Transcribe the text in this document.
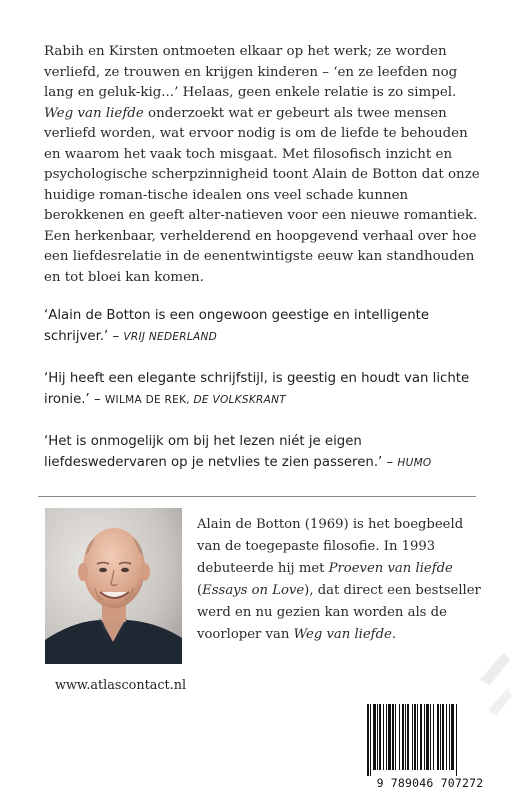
Rabih en Kirsten ontmoeten elkaar op het werk; ze worden verliefd, ze trouwen en krijgen kinderen – ‘en ze leefden nog lang en geluk-kig...’ Helaas, geen enkele relatie is zo simpel.

Weg van liefde onderzoekt wat er gebeurt als twee mensen verliefd worden, wat ervoor nodig is om de liefde te behouden en waarom het vaak toch misgaat. Met filosofisch inzicht en psychologische scherpzinnigheid toont Alain de Botton dat onze huidige roman-tische idealen ons veel schade kunnen berokkenen en geeft alter-natieven voor een nieuwe romantiek.

Een herkenbaar, verhelderend en hoopgevend verhaal over hoe een liefdesrelatie in de eenentwintigste eeuw kan standhouden en tot bloei kan komen.

‘Alain de Botton is een ongewoon geestige en intelligente schrijver.’ – VRIJ NEDERLAND

‘Hij heeft een elegante schrijfstijl, is geestig en houdt van lichte ironie.’ – WILMA DE REK, DE VOLKSKRANT

‘Het is onmogelijk om bij het lezen niét je eigen liefdeswedervaren op je netvlies te zien passeren.’ – HUMO

Alain de Botton (1969) is het boegbeeld van de toegepaste filosofie. In 1993 debuteerde hij met Proeven van liefde (Essays on Love), dat direct een bestseller werd en nu gezien kan worden als de voorloper van Weg van liefde.
www.atlascontact.nl
9 789046 707272
